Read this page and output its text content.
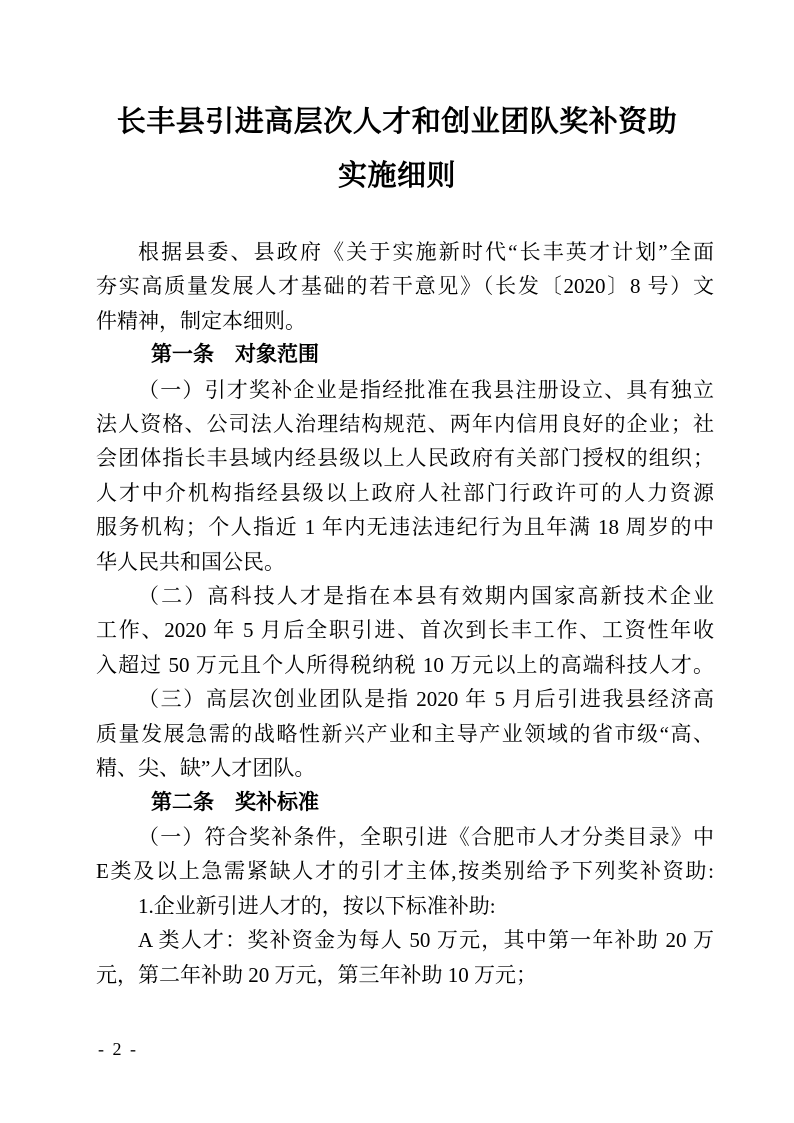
长丰县引进高层次人才和创业团队奖补资助
实施细则
根据县委、县政府《关于实施新时代“长丰英才计划”全面
夯实高质量发展人才基础的若干意见》（长发〔2020〕8 号）文
件精神，制定本细则。
第一条　对象范围
（一）引才奖补企业是指经批准在我县注册设立、具有独立
法人资格、公司法人治理结构规范、两年内信用良好的企业；社
会团体指长丰县域内经县级以上人民政府有关部门授权的组织；
人才中介机构指经县级以上政府人社部门行政许可的人力资源
服务机构；个人指近 1 年内无违法违纪行为且年满 18 周岁的中
华人民共和国公民。
（二）高科技人才是指在本县有效期内国家高新技术企业
工作、2020 年 5 月后全职引进、首次到长丰工作、工资性年收
入超过 50 万元且个人所得税纳税 10 万元以上的高端科技人才。
（三）高层次创业团队是指 2020 年 5 月后引进我县经济高
质量发展急需的战略性新兴产业和主导产业领域的省市级“高、
精、尖、缺”人才团队。
第二条　奖补标准
（一）符合奖补条件，全职引进《合肥市人才分类目录》中
E类及以上急需紧缺人才的引才主体,按类别给予下列奖补资助:
1.企业新引进人才的，按以下标准补助:
A 类人才：奖补资金为每人 50 万元，其中第一年补助 20 万
元，第二年补助 20 万元，第三年补助 10 万元；
- 2 -
